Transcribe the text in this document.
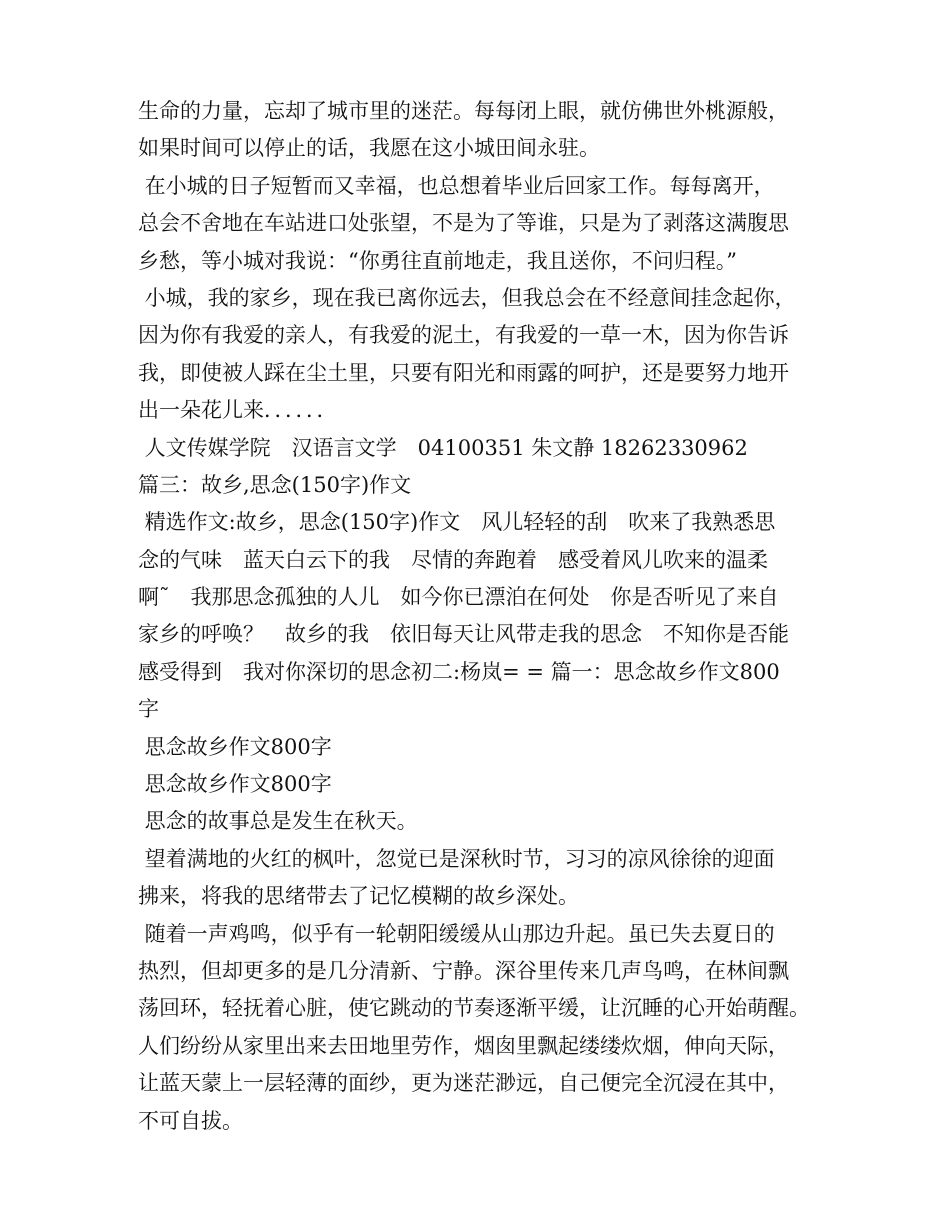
生命的力量，忘却了城市里的迷茫。每每闭上眼，就仿佛世外桃源般，
如果时间可以停止的话，我愿在这小城田间永驻。
在小城的日子短暂而又幸福，也总想着毕业后回家工作。每每离开，
总会不舍地在车站进口处张望，不是为了等谁，只是为了剥落这满腹思
乡愁，等小城对我说：“你勇往直前地走，我且送你，不问归程。”
小城，我的家乡，现在我已离你远去，但我总会在不经意间挂念起你，
因为你有我爱的亲人，有我爱的泥土，有我爱的一草一木，因为你告诉
我，即使被人踩在尘土里，只要有阳光和雨露的呵护，还是要努力地开
出一朵花儿来．．．．．．
人文传媒学院　汉语言文学　04100351 朱文静 18262330962
篇三：故乡,思念(150字)作文
精选作文:故乡，思念(150字)作文　风儿轻轻的刮　吹来了我熟悉思
念的气味　蓝天白云下的我　尽情的奔跑着　感受着风儿吹来的温柔
啊˜　我那思念孤独的人儿　如今你已漂泊在何处　你是否听见了来自
家乡的呼唤？　故乡的我　依旧每天让风带走我的思念　不知你是否能
感受得到　我对你深切的思念初二:杨岚= = 篇一：思念故乡作文800
字
思念故乡作文800字
思念故乡作文800字
思念的故事总是发生在秋天。
望着满地的火红的枫叶，忽觉已是深秋时节，习习的凉风徐徐的迎面
拂来，将我的思绪带去了记忆模糊的故乡深处。
随着一声鸡鸣，似乎有一轮朝阳缓缓从山那边升起。虽已失去夏日的
热烈，但却更多的是几分清新、宁静。深谷里传来几声鸟鸣，在林间飘
荡回环，轻抚着心脏，使它跳动的节奏逐渐平缓，让沉睡的心开始萌醒。
人们纷纷从家里出来去田地里劳作，烟囱里飘起缕缕炊烟，伸向天际，
让蓝天蒙上一层轻薄的面纱，更为迷茫渺远，自己便完全沉浸在其中，
不可自拔。
